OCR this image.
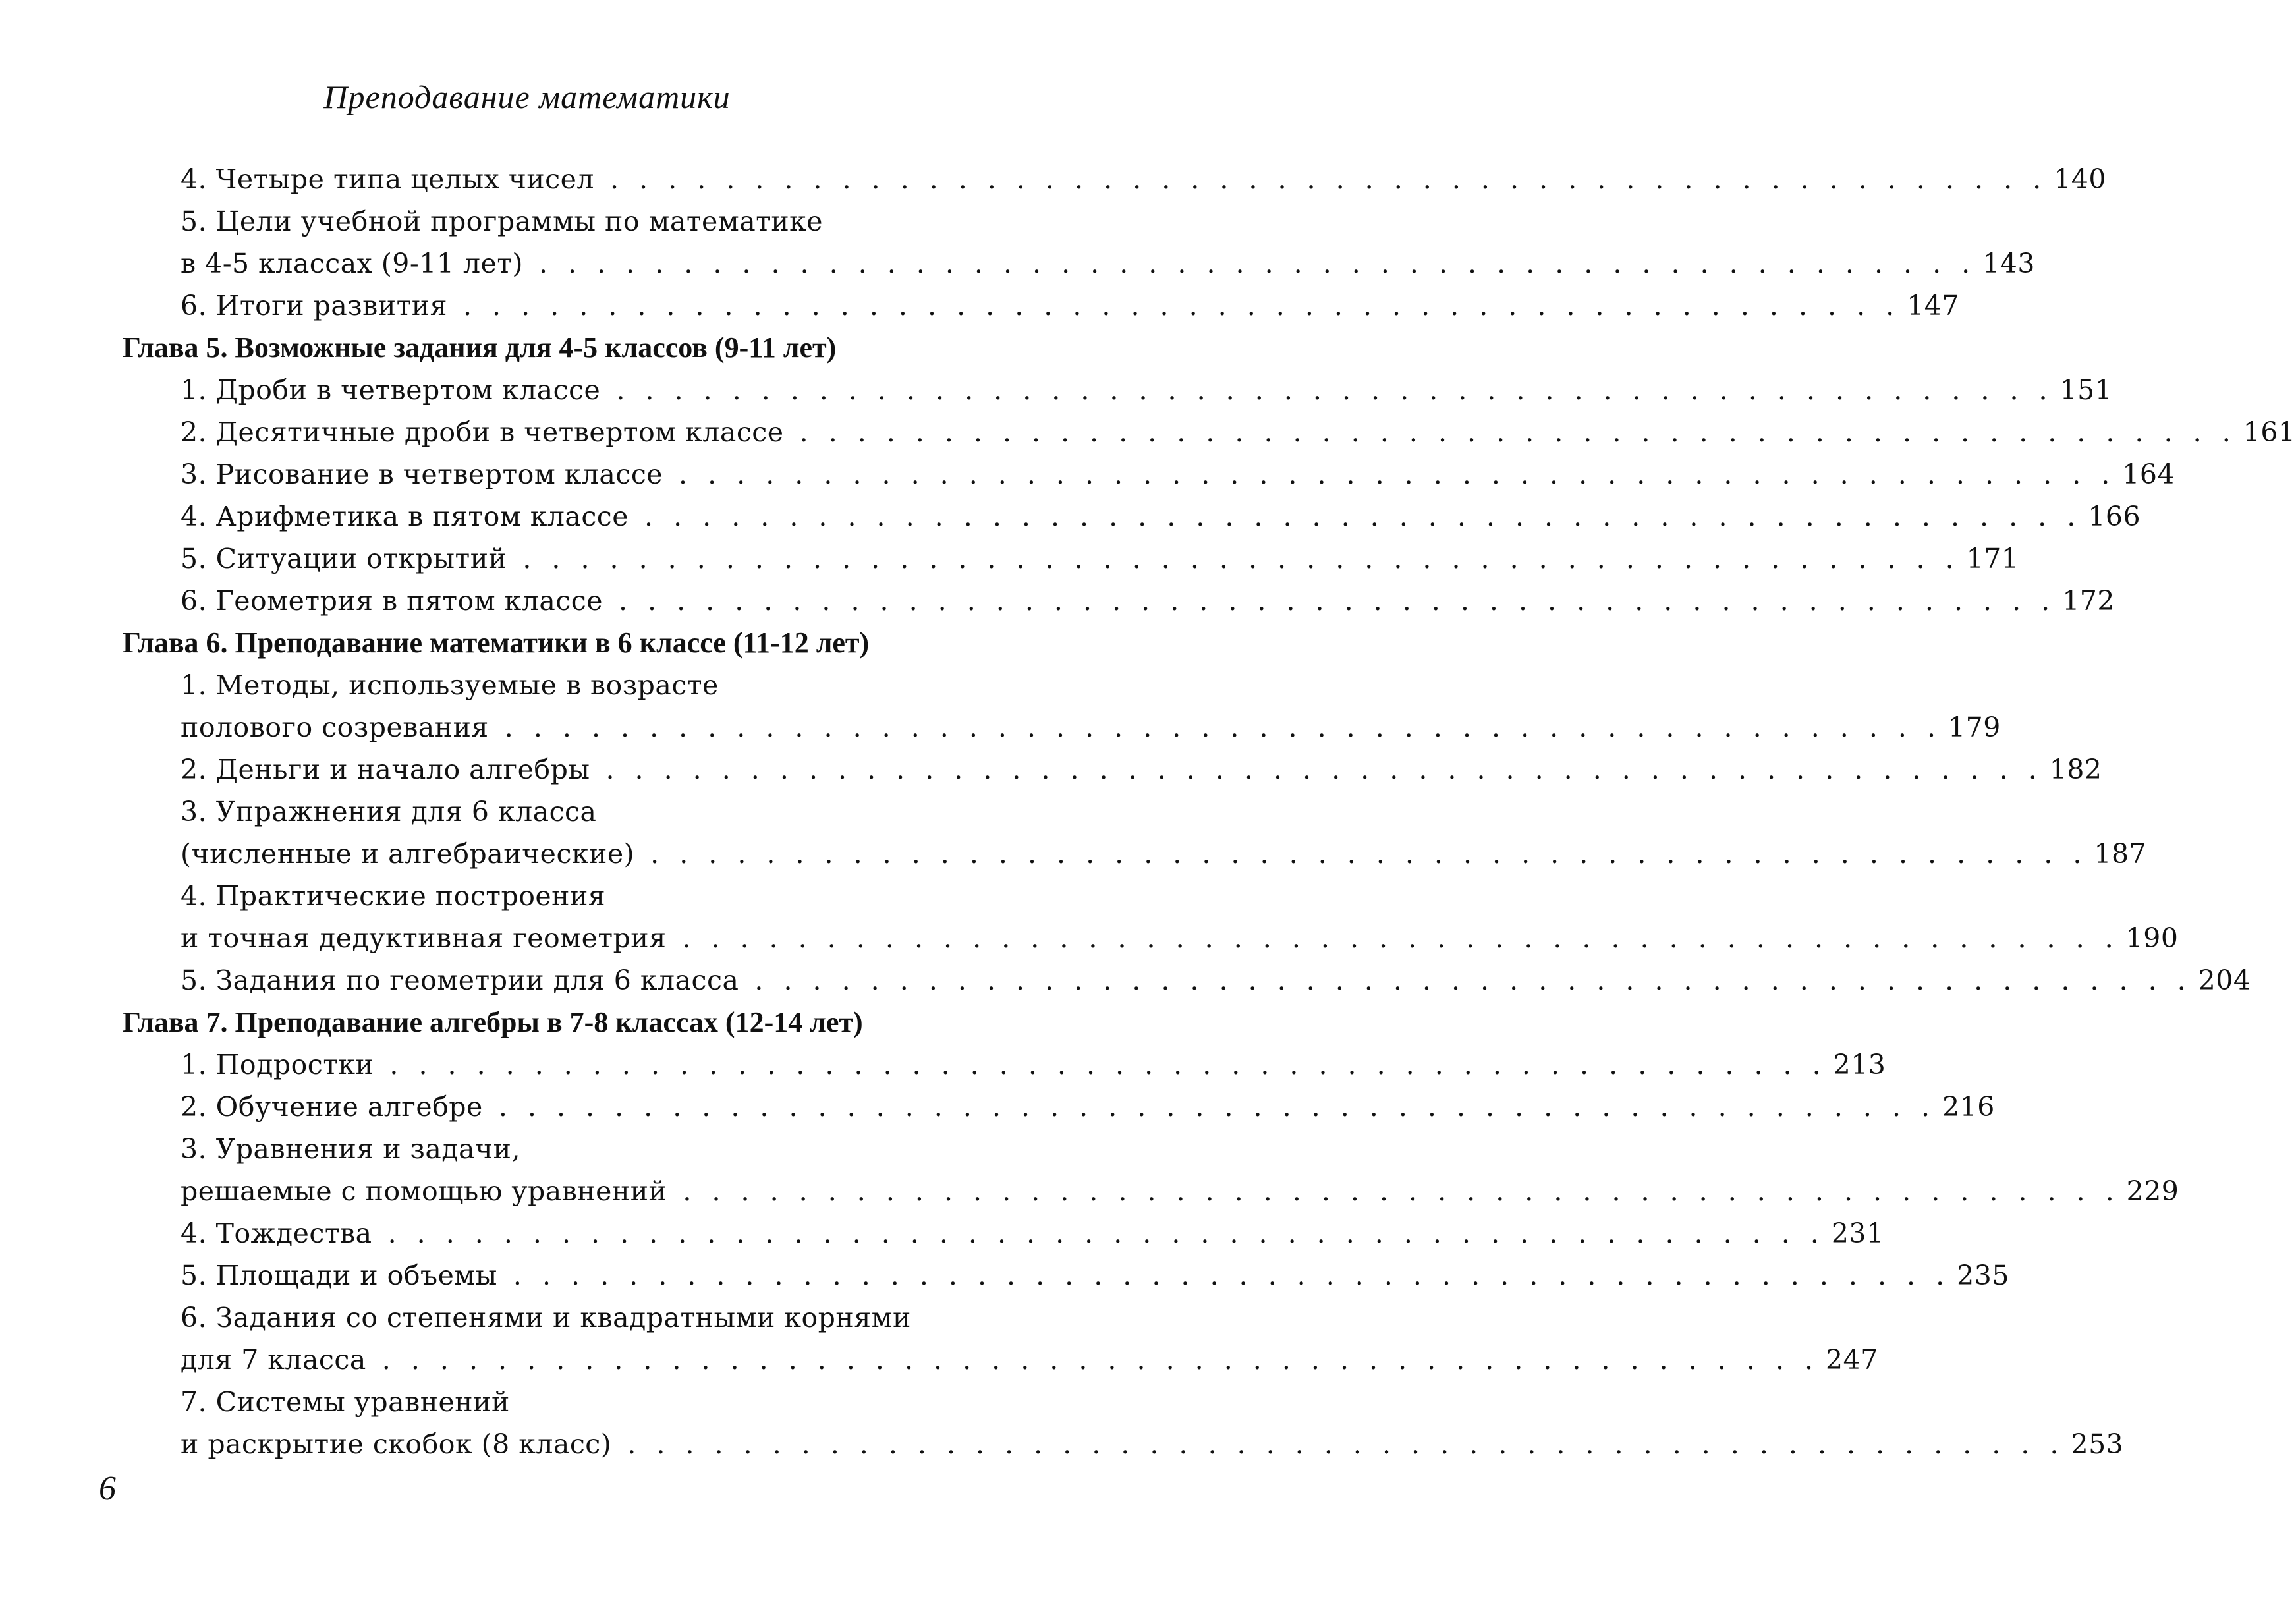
Преподавание математики
4. Четыре типа целых чисел . . . . . . . . . . . . . . . . . . . . . . . . . . . . . . . . . . . . . . . . . . . . . . . . . . 140
5. Цели учебной программы по математике
в 4-5 классах (9-11 лет) . . . . . . . . . . . . . . . . . . . . . . . . . . . . . . . . . . . . . . . . . . . . . . . . . . 143
6. Итоги развития . . . . . . . . . . . . . . . . . . . . . . . . . . . . . . . . . . . . . . . . . . . . . . . . . . 147
Глава 5. Возможные задания для 4-5 классов (9-11 лет)
1. Дроби в четвертом классе . . . . . . . . . . . . . . . . . . . . . . . . . . . . . . . . . . . . . . . . . . . . . . . . . . 151
2. Десятичные дроби в четвертом классе . . . . . . . . . . . . . . . . . . . . . . . . . . . . . . . . . . . . . . . . . . . . . . . . . . 161
3. Рисование в четвертом классе . . . . . . . . . . . . . . . . . . . . . . . . . . . . . . . . . . . . . . . . . . . . . . . . . . 164
4. Арифметика в пятом классе . . . . . . . . . . . . . . . . . . . . . . . . . . . . . . . . . . . . . . . . . . . . . . . . . . 166
5. Ситуации открытий . . . . . . . . . . . . . . . . . . . . . . . . . . . . . . . . . . . . . . . . . . . . . . . . . . 171
6. Геометрия в пятом классе . . . . . . . . . . . . . . . . . . . . . . . . . . . . . . . . . . . . . . . . . . . . . . . . . . 172
Глава 6. Преподавание математики в 6 классе (11-12 лет)
1. Методы, используемые в возрасте
полового созревания . . . . . . . . . . . . . . . . . . . . . . . . . . . . . . . . . . . . . . . . . . . . . . . . . . 179
2. Деньги и начало алгебры . . . . . . . . . . . . . . . . . . . . . . . . . . . . . . . . . . . . . . . . . . . . . . . . . . 182
3. Упражнения для 6 класса
(численные и алгебраические) . . . . . . . . . . . . . . . . . . . . . . . . . . . . . . . . . . . . . . . . . . . . . . . . . . 187
4. Практические построения
и точная дедуктивная геометрия . . . . . . . . . . . . . . . . . . . . . . . . . . . . . . . . . . . . . . . . . . . . . . . . . . 190
5. Задания по геометрии для 6 класса . . . . . . . . . . . . . . . . . . . . . . . . . . . . . . . . . . . . . . . . . . . . . . . . . . 204
Глава 7. Преподавание алгебры в 7-8 классах (12-14 лет)
1. Подростки . . . . . . . . . . . . . . . . . . . . . . . . . . . . . . . . . . . . . . . . . . . . . . . . . . 213
2. Обучение алгебре . . . . . . . . . . . . . . . . . . . . . . . . . . . . . . . . . . . . . . . . . . . . . . . . . . 216
3. Уравнения и задачи,
решаемые с помощью уравнений . . . . . . . . . . . . . . . . . . . . . . . . . . . . . . . . . . . . . . . . . . . . . . . . . . 229
4. Тождества . . . . . . . . . . . . . . . . . . . . . . . . . . . . . . . . . . . . . . . . . . . . . . . . . . 231
5. Площади и объемы . . . . . . . . . . . . . . . . . . . . . . . . . . . . . . . . . . . . . . . . . . . . . . . . . . 235
6. Задания со степенями и квадратными корнями
для 7 класса . . . . . . . . . . . . . . . . . . . . . . . . . . . . . . . . . . . . . . . . . . . . . . . . . . 247
7. Системы уравнений
и раскрытие скобок (8 класс) . . . . . . . . . . . . . . . . . . . . . . . . . . . . . . . . . . . . . . . . . . . . . . . . . . 253
6
